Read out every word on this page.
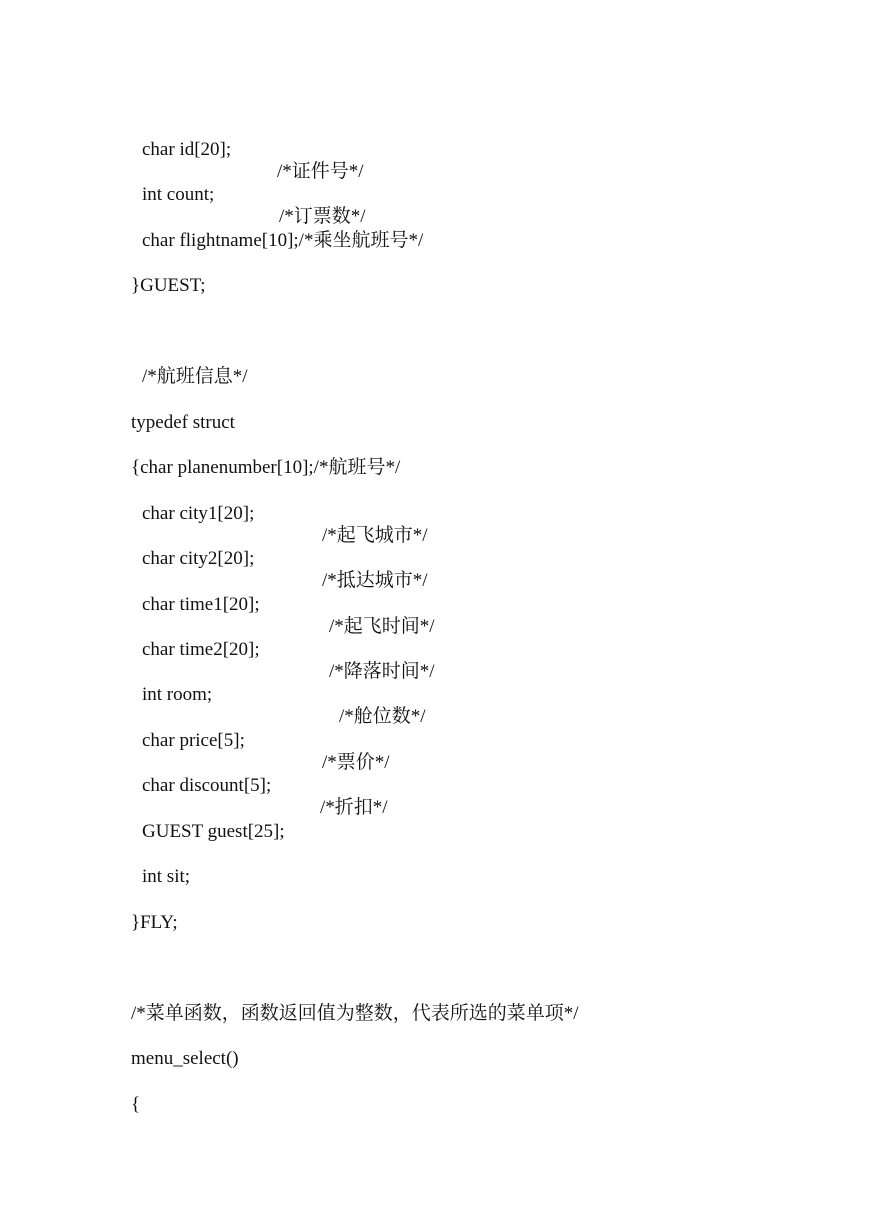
char id[20];

/*证件号*/

int count;

/*订票数*/

char flightname[10];/*乘坐航班号*/

}GUEST;

/*航班信息*/

typedef struct

{char planenumber[10];/*航班号*/

char city1[20];

/*起飞城市*/

char city2[20];

/*抵达城市*/

char time1[20];

/*起飞时间*/

char time2[20];

/*降落时间*/

int room;

/*舱位数*/

char price[5];

/*票价*/

char discount[5];

/*折扣*/

GUEST guest[25];

int sit;

}FLY;

/*菜单函数，函数返回值为整数，代表所选的菜单项*/

menu_select()

{
